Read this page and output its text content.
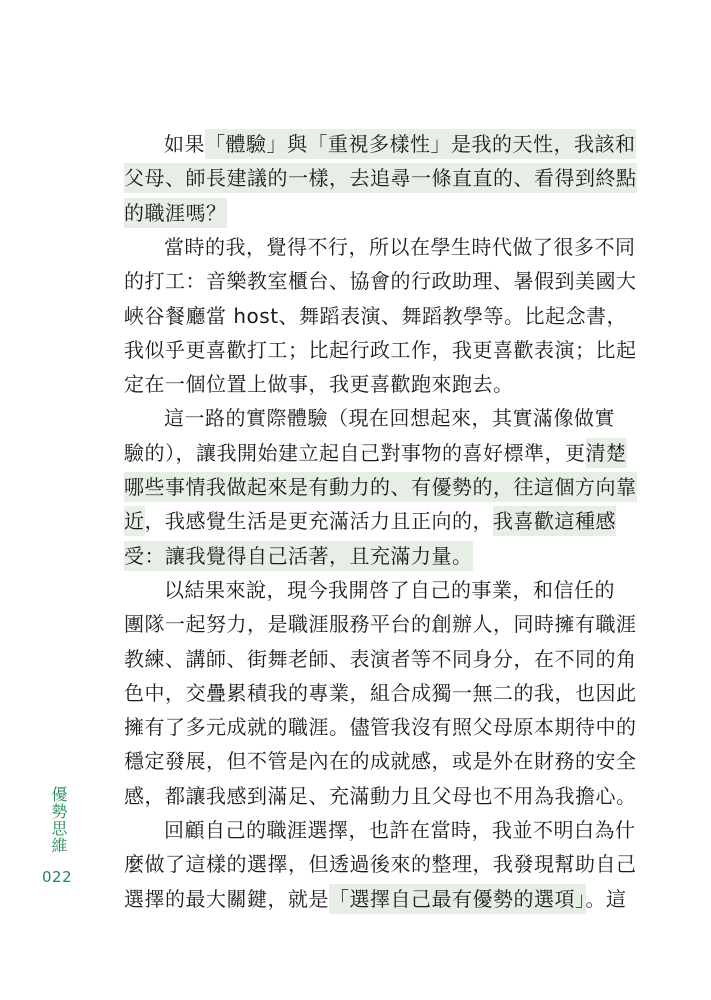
如果「體驗」與「重視多樣性」是我的天性，我該和
父母、師長建議的一樣，去追尋一條直直的、看得到終點
的職涯嗎？
當時的我，覺得不行，所以在學生時代做了很多不同
的打工：音樂教室櫃台、協會的行政助理、暑假到美國大
峽谷餐廳當 host、舞蹈表演、舞蹈教學等。比起念書，
我似乎更喜歡打工；比起行政工作，我更喜歡表演；比起
定在一個位置上做事，我更喜歡跑來跑去。
這一路的實際體驗（現在回想起來，其實滿像做實
驗的），讓我開始建立起自己對事物的喜好標準，更清楚
哪些事情我做起來是有動力的、有優勢的，往這個方向靠
近，我感覺生活是更充滿活力且正向的，我喜歡這種感
受：讓我覺得自己活著，且充滿力量。
以結果來說，現今我開啓了自己的事業，和信任的
團隊一起努力，是職涯服務平台的創辦人，同時擁有職涯
教練、講師、街舞老師、表演者等不同身分，在不同的角
色中，交疊累積我的專業，組合成獨一無二的我，也因此
擁有了多元成就的職涯。儘管我沒有照父母原本期待中的
穩定發展，但不管是內在的成就感，或是外在財務的安全
感，都讓我感到滿足、充滿動力且父母也不用為我擔心。
回顧自己的職涯選擇，也許在當時，我並不明白為什
麼做了這樣的選擇，但透過後來的整理，我發現幫助自己
選擇的最大關鍵，就是「選擇自己最有優勢的選項」。這
優勢思維
022
